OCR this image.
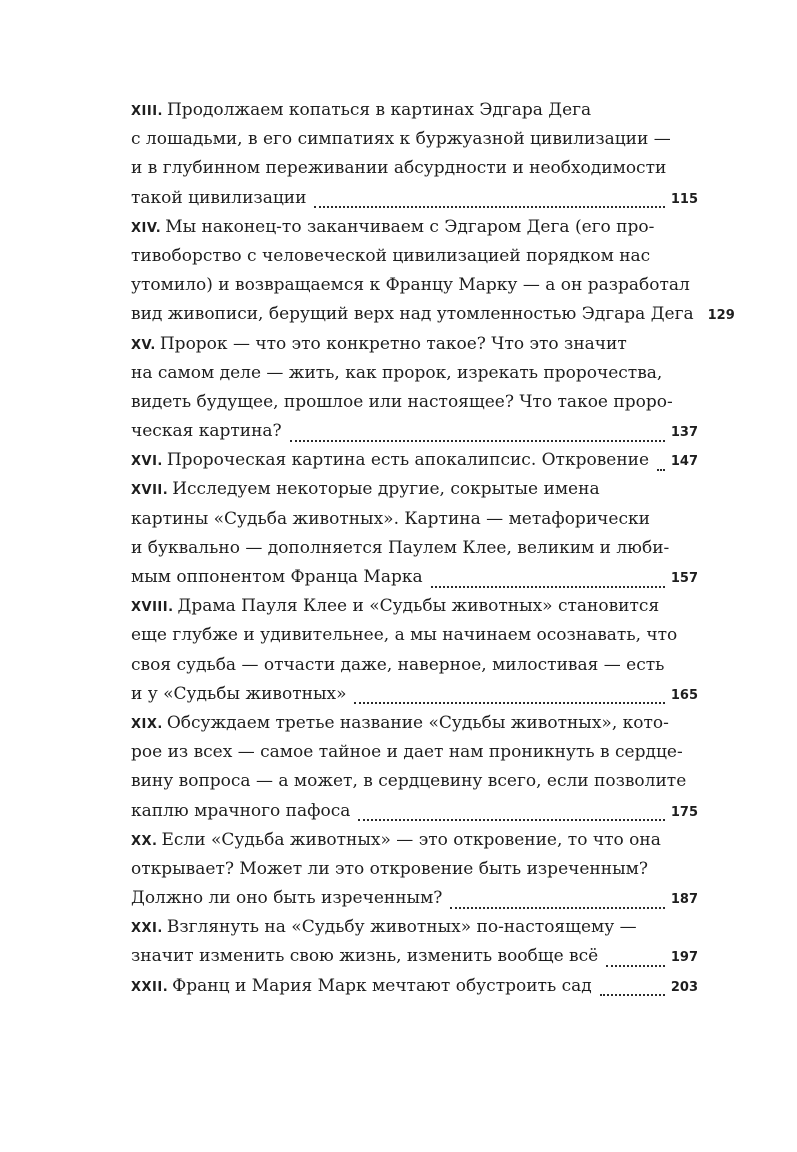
XIII. Продолжаем копаться в картинах Эдгара Дега
с лошадьми, в его симпатиях к буржуазной цивилизации —
и в глубинном переживании абсурдности и необходимости
такой цивилизации	115
XIV. Мы наконец-то заканчиваем с Эдгаром Дега (его про-
тивоборство с человеческой цивилизацией порядком нас
утомило) и возвращаемся к Францу Марку — а он разработал
вид живописи, берущий верх над утомленностью Эдгара Дега 129
XV. Пророк — что это конкретно такое? Что это значит
на самом деле — жить, как пророк, изрекать пророчества,
видеть будущее, прошлое или настоящее? Что такое проро-
ческая картина?	137
XVI. Пророческая картина есть апокалипсис. Откровение 147
XVII. Исследуем некоторые другие, сокрытые имена
картины «Судьба животных». Картина — метафорически
и буквально — дополняется Паулем Клее, великим и люби-
мым оппонентом Франца Марка	157
XVIII. Драма Пауля Клее и «Судьбы животных» становится
еще глубже и удивительнее, а мы начинаем осознавать, что
своя судьба — отчасти даже, наверное, милостивая — есть
и у «Судьбы животных»	165
XIX. Обсуждаем третье название «Судьбы животных», кото-
рое из всех — самое тайное и дает нам проникнуть в сердце-
вину вопроса — а может, в сердцевину всего, если позволите
каплю мрачного пафоса	175
XX. Если «Судьба животных» — это откровение, то что она
открывает? Может ли это откровение быть изреченным?
Должно ли оно быть изреченным?	187
XXI. Взглянуть на «Судьбу животных» по-настоящему —
значит изменить свою жизнь, изменить вообще всё	197
XXII. Франц и Мария Марк мечтают обустроить сад	203
